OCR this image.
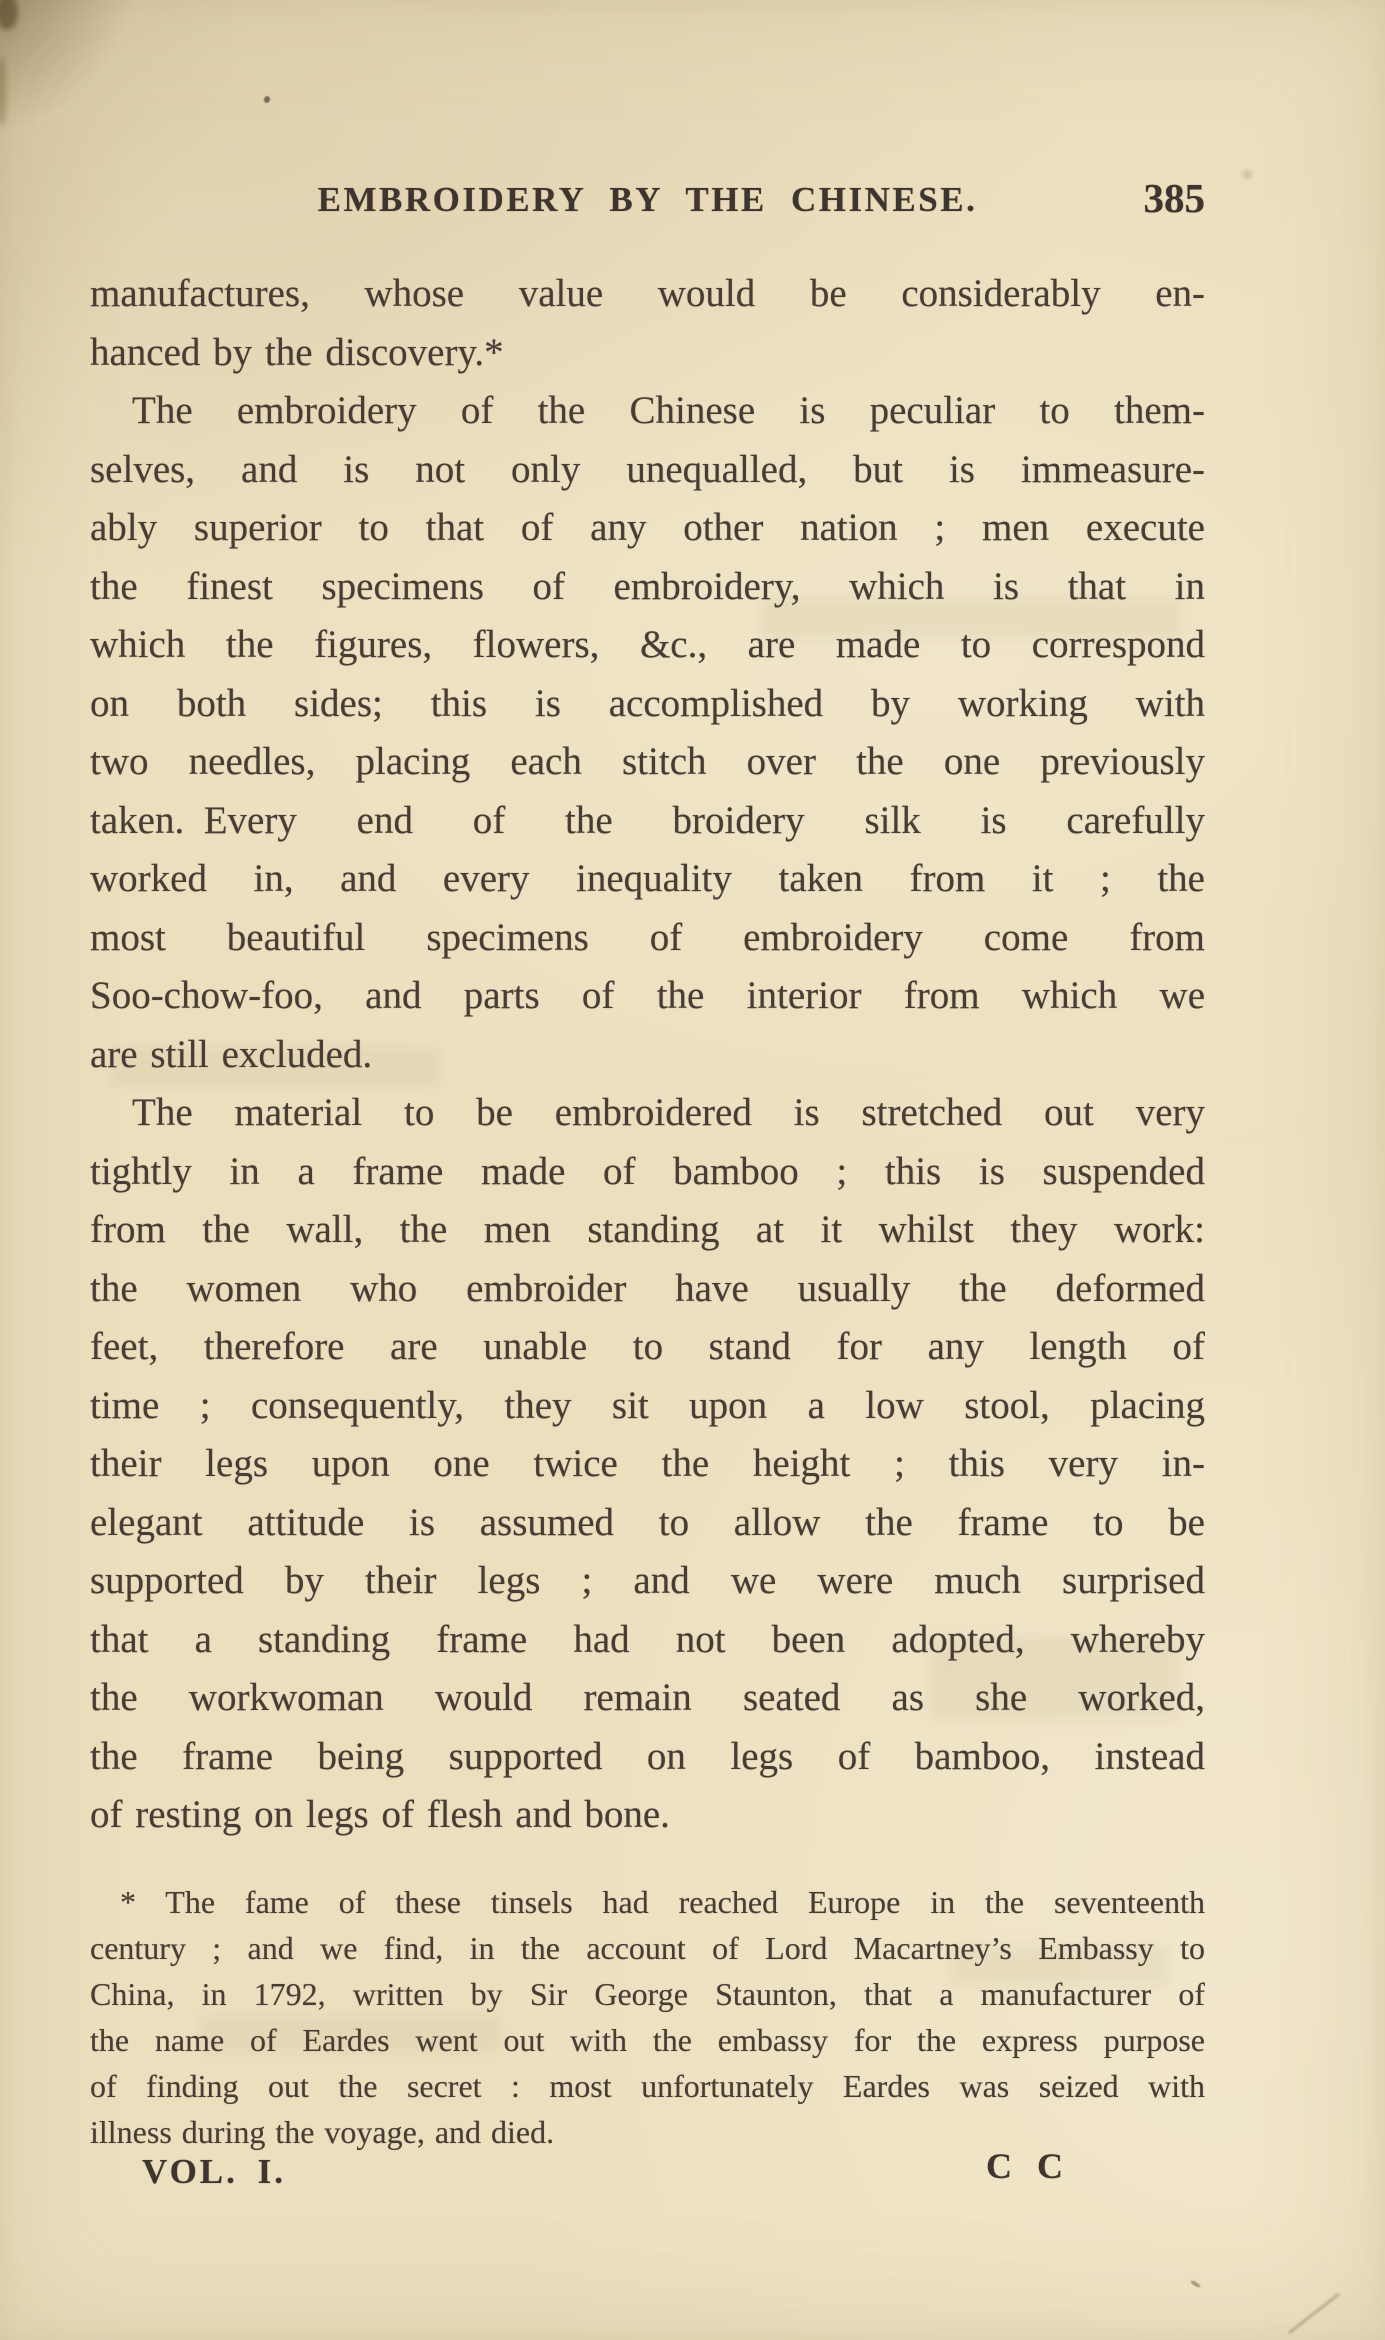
EMBROIDERY BY THE CHINESE.	385
manufactures, whose value would be considerably en-
hanced by the discovery.*
The embroidery of the Chinese is peculiar to them-
selves, and is not only unequalled, but is immeasure-
ably superior to that of any other nation ; men execute
the finest specimens of embroidery, which is that in
which the figures, flowers, &c., are made to correspond
on both sides; this is accomplished by working with
two needles, placing each stitch over the one previously
taken. Every end of the broidery silk is carefully
worked in, and every inequality taken from it ; the
most beautiful specimens of embroidery come from
Soo-chow-foo, and parts of the interior from which we
are still excluded.
The material to be embroidered is stretched out very
tightly in a frame made of bamboo ; this is suspended
from the wall, the men standing at it whilst they work:
the women who embroider have usually the deformed
feet, therefore are unable to stand for any length of
time ; consequently, they sit upon a low stool, placing
their legs upon one twice the height ; this very in-
elegant attitude is assumed to allow the frame to be
supported by their legs ; and we were much surprised
that a standing frame had not been adopted, whereby
the workwoman would remain seated as she worked,
the frame being supported on legs of bamboo, instead
of resting on legs of flesh and bone.
* The fame of these tinsels had reached Europe in the seventeenth
century ; and we find, in the account of Lord Macartney’s Embassy to
China, in 1792, written by Sir George Staunton, that a manufacturer of
the name of Eardes went out with the embassy for the express purpose
of finding out the secret : most unfortunately Eardes was seized with
illness during the voyage, and died.
VOL. I.	C C
